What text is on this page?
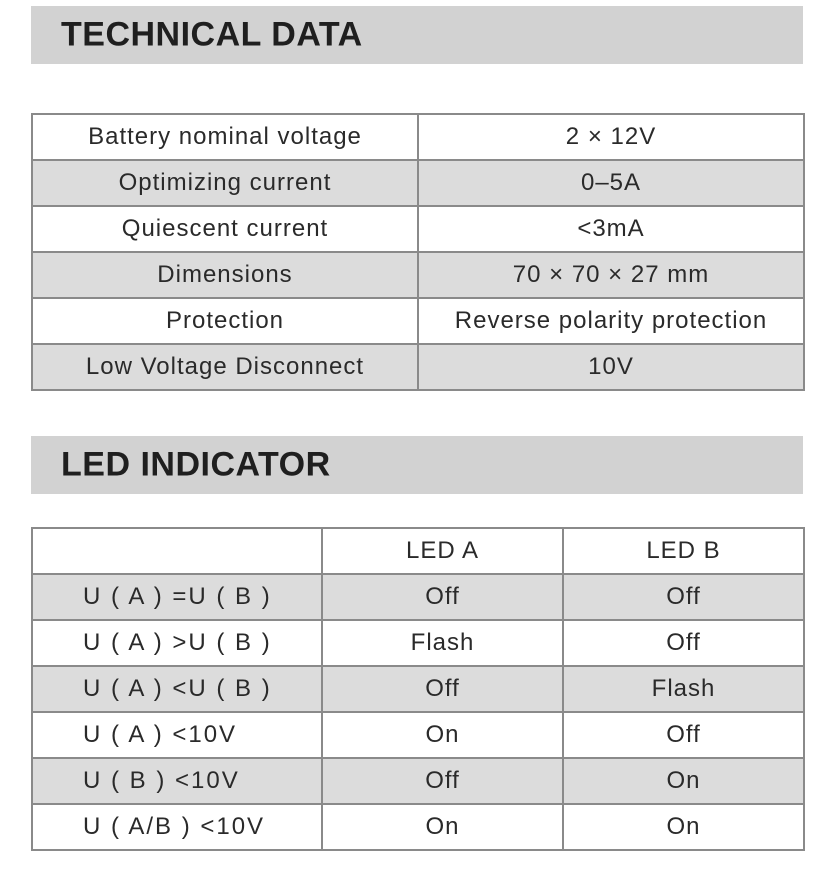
TECHNICAL DATA
Battery nominal voltage	2 × 12V
Optimizing current	0–5A
Quiescent current	<3mA
Dimensions	70 × 70 × 27 mm
Protection	Reverse polarity protection
Low Voltage Disconnect	10V
LED INDICATOR
	LED A	LED B
U ( A ) =U ( B )	Off	Off
U ( A ) >U ( B )	Flash	Off
U ( A ) <U ( B )	Off	Flash
U ( A ) <10V	On	Off
U ( B ) <10V	Off	On
U ( A/B ) <10V	On	On
